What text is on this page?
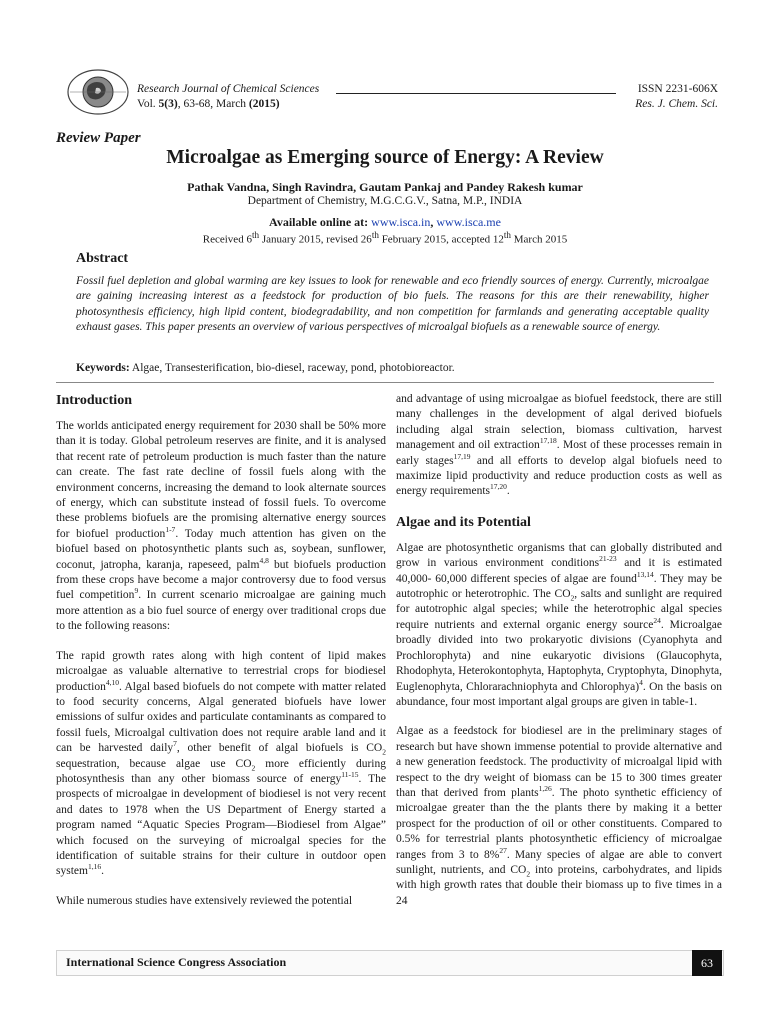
Research Journal of Chemical Sciences
Vol. 5(3), 63-68, March (2015)
ISSN 2231-606X
Res. J. Chem. Sci.
Review Paper
Microalgae as Emerging source of Energy: A Review
Pathak Vandna, Singh Ravindra, Gautam Pankaj and Pandey Rakesh kumar
Department of Chemistry, M.G.C.G.V., Satna, M.P., INDIA
Available online at: www.isca.in, www.isca.me
Received 6th January 2015, revised 26th February 2015, accepted 12th March 2015
Abstract
Fossil fuel depletion and global warming are key issues to look for renewable and eco friendly sources of energy. Currently, microalgae are gaining increasing interest as a feedstock for production of bio fuels. The reasons for this are their renewability, higher photosynthesis efficiency, high lipid content, biodegradability, and non competition for farmlands and generating acceptable quality exhaust gases. This paper presents an overview of various perspectives of microalgal biofuels as a renewable source of energy.
Keywords: Algae, Transesterification, bio-diesel, raceway, pond, photobioreactor.
Introduction

The worlds anticipated energy requirement for 2030 shall be 50% more than it is today. Global petroleum reserves are finite, and it is analysed that recent rate of petroleum production is much faster than the nature can create. The fast rate decline of fossil fuels along with the environment concerns, increasing the demand to look alternate sources of energy, which can substitute instead of fossil fuels. To overcome these problems biofuels are the promising alternative energy sources for biofuel production$^{1-7}$. Today much attention has given on the biofuel based on photosynthetic plants such as, soybean, sunflower, coconut, jatropha, karanja, rapeseed, palm$^{4,8}$ but biofuels production from these crops have become a major controversy due to food versus fuel competition$^9$. In current scenario microalgae are gaining much more attention as a bio fuel source of energy over traditional crops due to the following reasons:

The rapid growth rates along with high content of lipid makes microalgae as valuable alternative to terrestrial crops for biodiesel production$^{4,10}$. Algal based biofuels do not compete with matter related to food security concerns, Algal generated biofuels have lower emissions of sulfur oxides and particulate contaminants as compared to fossil fuels, Microalgal cultivation does not require arable land and it can be harvested daily$^7$, other benefit of algal biofuels is $CO_2$ sequestration, because algae use $CO_2$ more efficiently during photosynthesis than any other biomass source of energy$^{11-15}$. The prospects of microalgae in development of biodiesel is not very recent and dates to 1978 when the US Department of Energy started a program named “Aquatic Species Program—Biodiesel from Algae” which focused on the surveying of microalgal species for the identification of suitable strains for their culture in outdoor open system$^{1,16}$.

While numerous studies have extensively reviewed the potential

and advantage of using microalgae as biofuel feedstock, there are still many challenges in the development of algal derived biofuels including algal strain selection, biomass cultivation, harvest management and oil extraction$^{17,18}$. Most of these processes remain in early stages$^{17,19}$ and all efforts to develop algal biofuels need to maximize lipid productivity and reduce production costs as well as energy requirements$^{17,20}$.

Algae and its Potential

Algae are photosynthetic organisms that can globally distributed and grow in various environment conditions$^{21-23}$ and it is estimated 40,000- 60,000 different species of algae are found$^{13,14}$. They may be autotrophic or heterotrophic. The $CO_2$, salts and sunlight are required for autotrophic algal species; while the heterotrophic algal species require nutrients and external organic energy source$^{24}$. Microalgae broadly divided into two prokaryotic divisions (Cyanophyta and Prochlorophyta) and nine eukaryotic divisions (Glaucophyta, Rhodophyta, Heterokontophyta, Haptophyta, Cryptophyta, Dinophyta, Euglenophyta, Chlorarachniophyta and Chlorophya)$^4$. On the basis on abundance, four most important algal groups are given in table-1.

Algae as a feedstock for biodiesel are in the preliminary stages of research but have shown immense potential to provide alternative and a new generation feedstock. The productivity of microalgal lipid with respect to the dry weight of biomass can be 15 to 300 times greater than that derived from plants$^{1,26}$. The photo synthetic efficiency of microalgae greater than the the plants there by making it a better prospect for the production of oil or other constituents. Compared to 0.5% for terrestrial plants photosynthetic efficiency of microalgae ranges from 3 to 8%$^{27}$. Many species of algae are able to convert sunlight, nutrients, and $CO_2$ into proteins, carbohydrates, and lipids with high growth rates that double their biomass up to five times in a 24

International Science Congress Association	63
